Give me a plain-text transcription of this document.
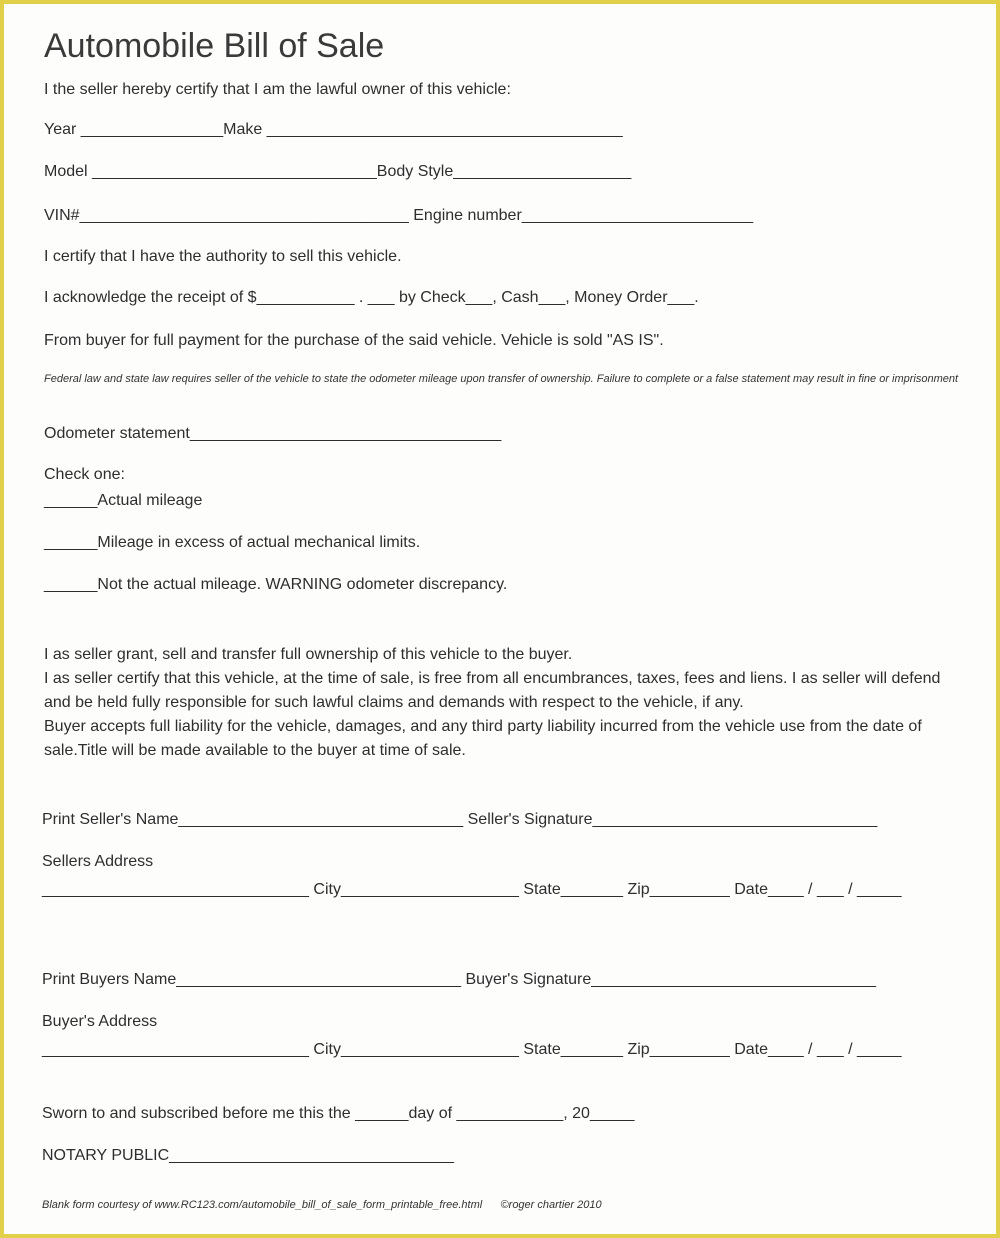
Automobile Bill of Sale
I the seller hereby certify that I am the lawful owner of this vehicle:
Year ________________Make ________________________________________
Model ________________________________Body Style____________________
VIN#_____________________________________ Engine number__________________________
I certify that I have the authority to sell this vehicle.
I acknowledge the receipt of $___________ . ___ by Check___, Cash___, Money Order___.
From buyer for full payment for the purchase of the said vehicle. Vehicle is sold "AS IS".
Federal law and state law requires seller of the vehicle to state the odometer mileage upon transfer of ownership. Failure to complete or a false statement may result in fine or imprisonment
Odometer statement___________________________________
Check one:
______Actual mileage
______Mileage in excess of actual mechanical limits.
______Not the actual mileage. WARNING odometer discrepancy.
I as seller grant, sell and transfer full ownership of this vehicle to the buyer.
I as seller certify that this vehicle, at the time of sale, is free from all encumbrances, taxes, fees and liens. I as seller will defend and be held fully responsible for such lawful claims and demands with respect to the vehicle, if any.
Buyer accepts full liability for the vehicle, damages, and any third party liability incurred from the vehicle use from the date of sale.Title will be made available to the buyer at time of sale.
Print Seller's Name________________________________ Seller's Signature________________________________
Sellers Address
______________________________ City____________________ State_______ Zip_________ Date____ / ___ / _____
Print Buyers Name________________________________ Buyer's Signature________________________________
Buyer's Address
______________________________ City____________________ State_______ Zip_________ Date____ / ___ / _____
Sworn to and subscribed before me this the ______day of ____________, 20_____
NOTARY PUBLIC________________________________
Blank form courtesy of www.RC123.com/automobile_bill_of_sale_form_printable_free.html      ©roger chartier 2010
